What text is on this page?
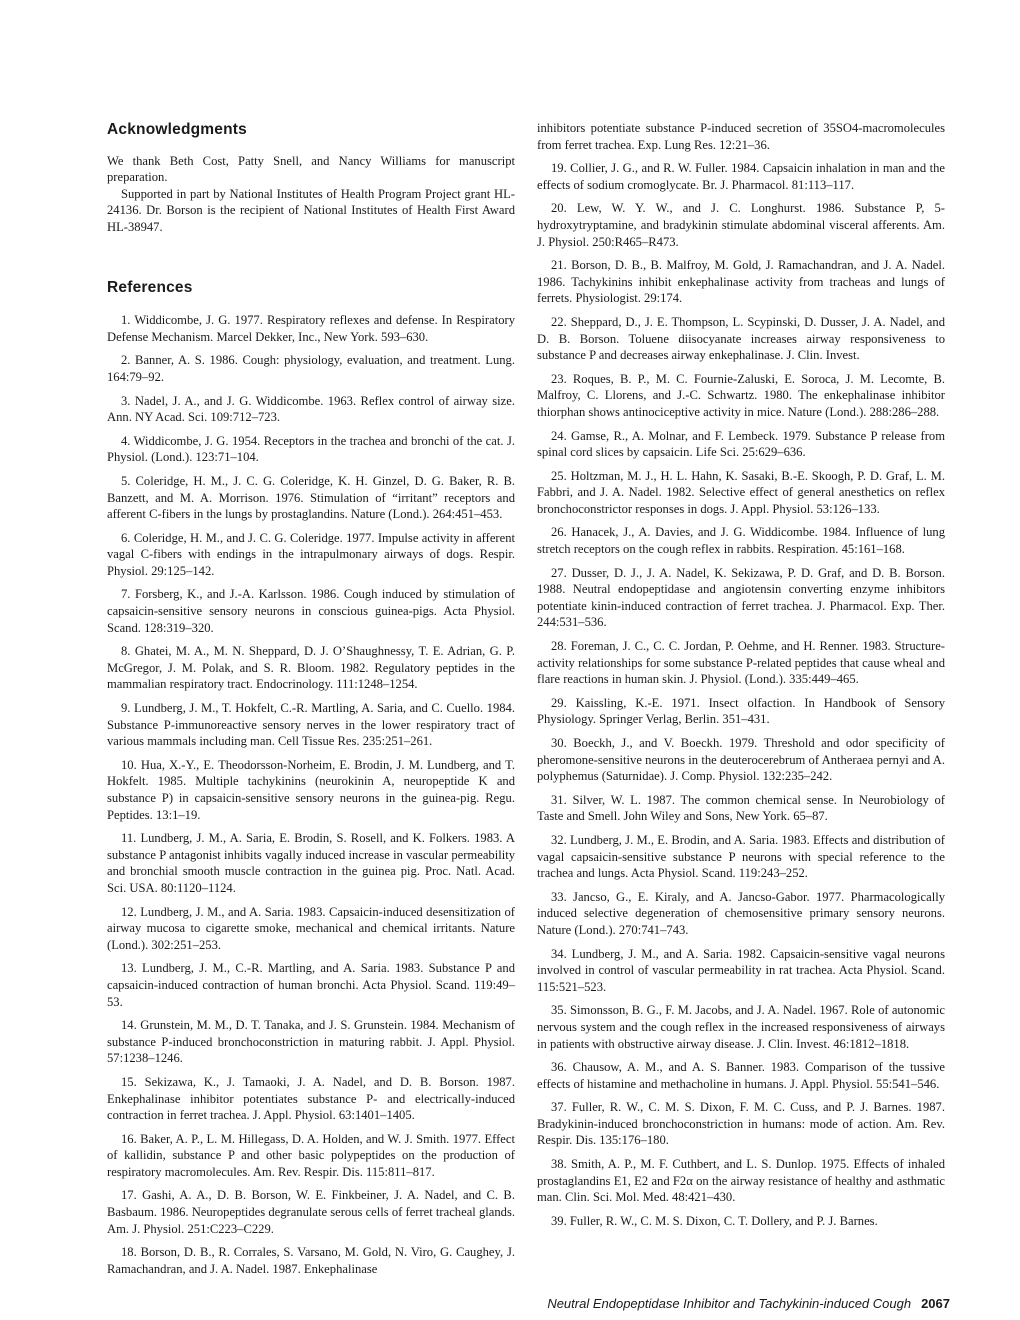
Acknowledgments

We thank Beth Cost, Patty Snell, and Nancy Williams for manuscript preparation.

Supported in part by National Institutes of Health Program Project grant HL-24136. Dr. Borson is the recipient of National Institutes of Health First Award HL-38947.

References

1. Widdicombe, J. G. 1977. Respiratory reflexes and defense. In Respiratory Defense Mechanism. Marcel Dekker, Inc., New York. 593–630.

2. Banner, A. S. 1986. Cough: physiology, evaluation, and treatment. Lung. 164:79–92.

3. Nadel, J. A., and J. G. Widdicombe. 1963. Reflex control of airway size. Ann. NY Acad. Sci. 109:712–723.

4. Widdicombe, J. G. 1954. Receptors in the trachea and bronchi of the cat. J. Physiol. (Lond.). 123:71–104.

5. Coleridge, H. M., J. C. G. Coleridge, K. H. Ginzel, D. G. Baker, R. B. Banzett, and M. A. Morrison. 1976. Stimulation of “irritant” receptors and afferent C-fibers in the lungs by prostaglandins. Nature (Lond.). 264:451–453.

6. Coleridge, H. M., and J. C. G. Coleridge. 1977. Impulse activity in afferent vagal C-fibers with endings in the intrapulmonary airways of dogs. Respir. Physiol. 29:125–142.

7. Forsberg, K., and J.-A. Karlsson. 1986. Cough induced by stimulation of capsaicin-sensitive sensory neurons in conscious guinea-pigs. Acta Physiol. Scand. 128:319–320.

8. Ghatei, M. A., M. N. Sheppard, D. J. O’Shaughnessy, T. E. Adrian, G. P. McGregor, J. M. Polak, and S. R. Bloom. 1982. Regulatory peptides in the mammalian respiratory tract. Endocrinology. 111:1248–1254.

9. Lundberg, J. M., T. Hokfelt, C.-R. Martling, A. Saria, and C. Cuello. 1984. Substance P-immunoreactive sensory nerves in the lower respiratory tract of various mammals including man. Cell Tissue Res. 235:251–261.

10. Hua, X.-Y., E. Theodorsson-Norheim, E. Brodin, J. M. Lundberg, and T. Hokfelt. 1985. Multiple tachykinins (neurokinin A, neuropeptide K and substance P) in capsaicin-sensitive sensory neurons in the guinea-pig. Regu. Peptides. 13:1–19.

11. Lundberg, J. M., A. Saria, E. Brodin, S. Rosell, and K. Folkers. 1983. A substance P antagonist inhibits vagally induced increase in vascular permeability and bronchial smooth muscle contraction in the guinea pig. Proc. Natl. Acad. Sci. USA. 80:1120–1124.

12. Lundberg, J. M., and A. Saria. 1983. Capsaicin-induced desensitization of airway mucosa to cigarette smoke, mechanical and chemical irritants. Nature (Lond.). 302:251–253.

13. Lundberg, J. M., C.-R. Martling, and A. Saria. 1983. Substance P and capsaicin-induced contraction of human bronchi. Acta Physiol. Scand. 119:49–53.

14. Grunstein, M. M., D. T. Tanaka, and J. S. Grunstein. 1984. Mechanism of substance P-induced bronchoconstriction in maturing rabbit. J. Appl. Physiol. 57:1238–1246.

15. Sekizawa, K., J. Tamaoki, J. A. Nadel, and D. B. Borson. 1987. Enkephalinase inhibitor potentiates substance P- and electrically-induced contraction in ferret trachea. J. Appl. Physiol. 63:1401–1405.

16. Baker, A. P., L. M. Hillegass, D. A. Holden, and W. J. Smith. 1977. Effect of kallidin, substance P and other basic polypeptides on the production of respiratory macromolecules. Am. Rev. Respir. Dis. 115:811–817.

17. Gashi, A. A., D. B. Borson, W. E. Finkbeiner, J. A. Nadel, and C. B. Basbaum. 1986. Neuropeptides degranulate serous cells of ferret tracheal glands. Am. J. Physiol. 251:C223–C229.

18. Borson, D. B., R. Corrales, S. Varsano, M. Gold, N. Viro, G. Caughey, J. Ramachandran, and J. A. Nadel. 1987. Enkephalinase

inhibitors potentiate substance P-induced secretion of 35SO4-macromolecules from ferret trachea. Exp. Lung Res. 12:21–36.

19. Collier, J. G., and R. W. Fuller. 1984. Capsaicin inhalation in man and the effects of sodium cromoglycate. Br. J. Pharmacol. 81:113–117.

20. Lew, W. Y. W., and J. C. Longhurst. 1986. Substance P, 5-hydroxytryptamine, and bradykinin stimulate abdominal visceral afferents. Am. J. Physiol. 250:R465–R473.

21. Borson, D. B., B. Malfroy, M. Gold, J. Ramachandran, and J. A. Nadel. 1986. Tachykinins inhibit enkephalinase activity from tracheas and lungs of ferrets. Physiologist. 29:174.

22. Sheppard, D., J. E. Thompson, L. Scypinski, D. Dusser, J. A. Nadel, and D. B. Borson. Toluene diisocyanate increases airway responsiveness to substance P and decreases airway enkephalinase. J. Clin. Invest.

23. Roques, B. P., M. C. Fournie-Zaluski, E. Soroca, J. M. Lecomte, B. Malfroy, C. Llorens, and J.-C. Schwartz. 1980. The enkephalinase inhibitor thiorphan shows antinociceptive activity in mice. Nature (Lond.). 288:286–288.

24. Gamse, R., A. Molnar, and F. Lembeck. 1979. Substance P release from spinal cord slices by capsaicin. Life Sci. 25:629–636.

25. Holtzman, M. J., H. L. Hahn, K. Sasaki, B.-E. Skoogh, P. D. Graf, L. M. Fabbri, and J. A. Nadel. 1982. Selective effect of general anesthetics on reflex bronchoconstrictor responses in dogs. J. Appl. Physiol. 53:126–133.

26. Hanacek, J., A. Davies, and J. G. Widdicombe. 1984. Influence of lung stretch receptors on the cough reflex in rabbits. Respiration. 45:161–168.

27. Dusser, D. J., J. A. Nadel, K. Sekizawa, P. D. Graf, and D. B. Borson. 1988. Neutral endopeptidase and angiotensin converting enzyme inhibitors potentiate kinin-induced contraction of ferret trachea. J. Pharmacol. Exp. Ther. 244:531–536.

28. Foreman, J. C., C. C. Jordan, P. Oehme, and H. Renner. 1983. Structure-activity relationships for some substance P-related peptides that cause wheal and flare reactions in human skin. J. Physiol. (Lond.). 335:449–465.

29. Kaissling, K.-E. 1971. Insect olfaction. In Handbook of Sensory Physiology. Springer Verlag, Berlin. 351–431.

30. Boeckh, J., and V. Boeckh. 1979. Threshold and odor specificity of pheromone-sensitive neurons in the deuterocerebrum of Antheraea pernyi and A. polyphemus (Saturnidae). J. Comp. Physiol. 132:235–242.

31. Silver, W. L. 1987. The common chemical sense. In Neurobiology of Taste and Smell. John Wiley and Sons, New York. 65–87.

32. Lundberg, J. M., E. Brodin, and A. Saria. 1983. Effects and distribution of vagal capsaicin-sensitive substance P neurons with special reference to the trachea and lungs. Acta Physiol. Scand. 119:243–252.

33. Jancso, G., E. Kiraly, and A. Jancso-Gabor. 1977. Pharmacologically induced selective degeneration of chemosensitive primary sensory neurons. Nature (Lond.). 270:741–743.

34. Lundberg, J. M., and A. Saria. 1982. Capsaicin-sensitive vagal neurons involved in control of vascular permeability in rat trachea. Acta Physiol. Scand. 115:521–523.

35. Simonsson, B. G., F. M. Jacobs, and J. A. Nadel. 1967. Role of autonomic nervous system and the cough reflex in the increased responsiveness of airways in patients with obstructive airway disease. J. Clin. Invest. 46:1812–1818.

36. Chausow, A. M., and A. S. Banner. 1983. Comparison of the tussive effects of histamine and methacholine in humans. J. Appl. Physiol. 55:541–546.

37. Fuller, R. W., C. M. S. Dixon, F. M. C. Cuss, and P. J. Barnes. 1987. Bradykinin-induced bronchoconstriction in humans: mode of action. Am. Rev. Respir. Dis. 135:176–180.

38. Smith, A. P., M. F. Cuthbert, and L. S. Dunlop. 1975. Effects of inhaled prostaglandins E1, E2 and F2α on the airway resistance of healthy and asthmatic man. Clin. Sci. Mol. Med. 48:421–430.

39. Fuller, R. W., C. M. S. Dixon, C. T. Dollery, and P. J. Barnes.

Neutral Endopeptidase Inhibitor and Tachykinin-induced Cough 2067
